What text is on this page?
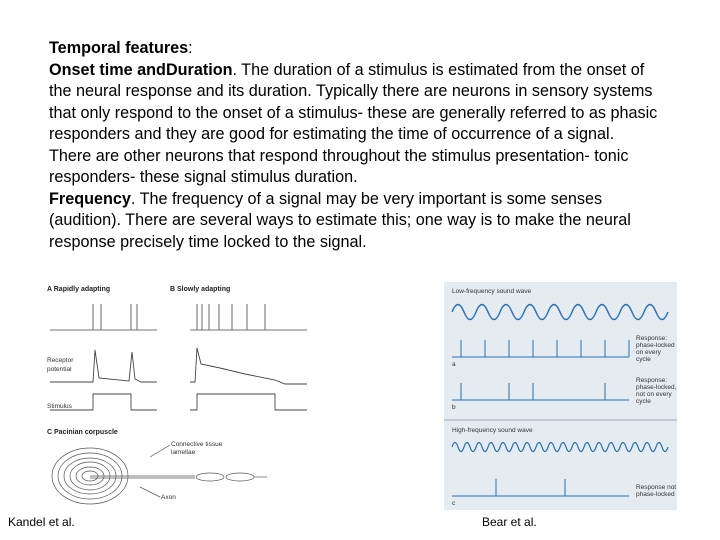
Temporal features:

Onset time andDuration. The duration of a stimulus is estimated from the onset of the neural response and its duration. Typically there are neurons in sensory systems that only respond to the onset of a stimulus- these are generally referred to as phasic responders and they are good for estimating the time of occurrence of a signal. There are other neurons that respond throughout the stimulus presentation- tonic responders- these signal stimulus duration.

Frequency. The frequency of a signal may be very important is some senses (audition). There are several ways to estimate this; one way is to make the neural response precisely time locked to the signal.

A Rapidly adapting	B Slowly adapting
Receptor
potential
Stimulus
C Pacinian corpuscle
Connective tissue
lamellae
Axon
Low-frequency sound wave
a
Response:
phase-locked
on every
cycle
b
Response:
phase-locked,
not on every
cycle
High-frequency sound wave
c
Response not
phase-locked
Kandel et al.	Bear et al.
